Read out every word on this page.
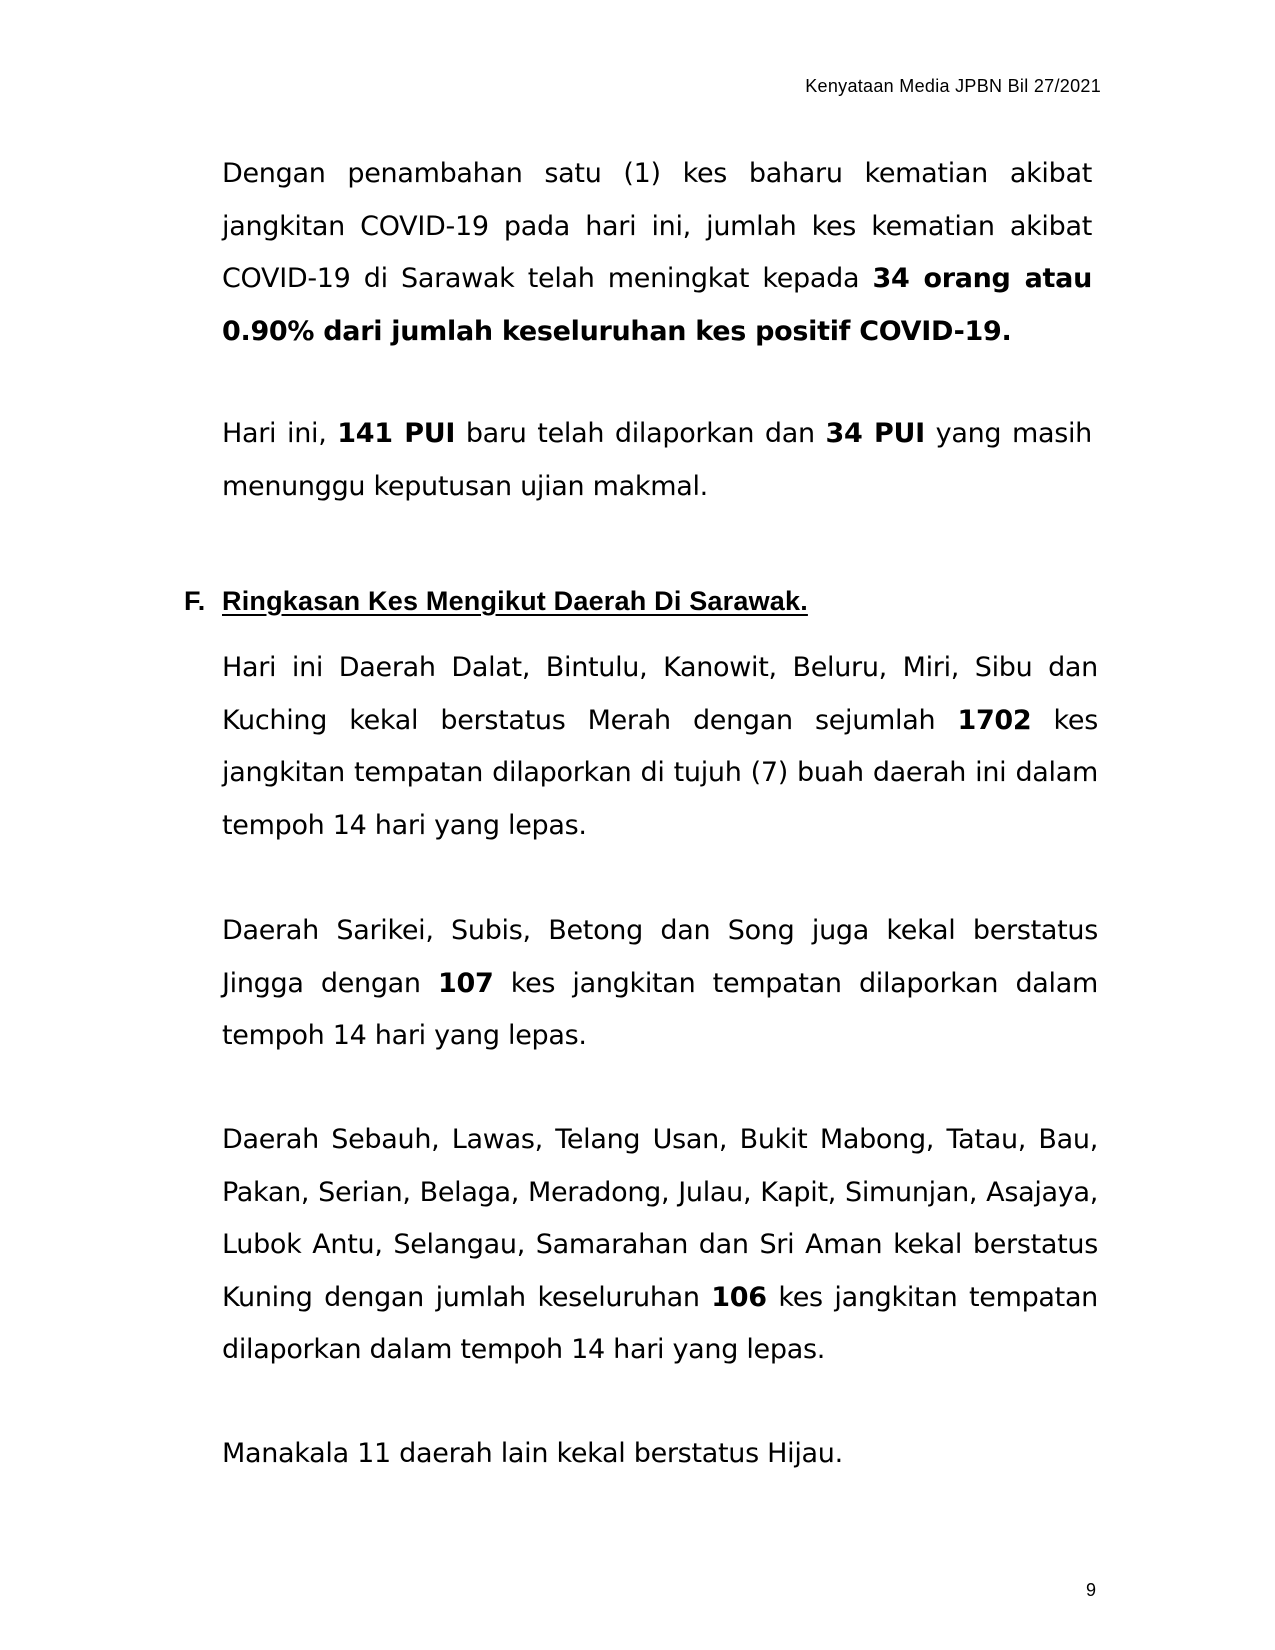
Kenyataan Media JPBN Bil 27/2021

Dengan penambahan satu (1) kes baharu kematian akibat jangkitan COVID-19 pada hari ini, jumlah kes kematian akibat COVID-19 di Sarawak telah meningkat kepada 34 orang atau 0.90% dari jumlah keseluruhan kes positif COVID-19.

Hari ini, 141 PUI baru telah dilaporkan dan 34 PUI yang masih menunggu keputusan ujian makmal.

F. Ringkasan Kes Mengikut Daerah Di Sarawak.

Hari ini Daerah Dalat, Bintulu, Kanowit, Beluru, Miri, Sibu dan Kuching kekal berstatus Merah dengan sejumlah 1702 kes jangkitan tempatan dilaporkan di tujuh (7) buah daerah ini dalam tempoh 14 hari yang lepas.

Daerah Sarikei, Subis, Betong dan Song juga kekal berstatus Jingga dengan 107 kes jangkitan tempatan dilaporkan dalam tempoh 14 hari yang lepas.

Daerah Sebauh, Lawas, Telang Usan, Bukit Mabong, Tatau, Bau, Pakan, Serian, Belaga, Meradong, Julau, Kapit, Simunjan, Asajaya, Lubok Antu, Selangau, Samarahan dan Sri Aman kekal berstatus Kuning dengan jumlah keseluruhan 106 kes jangkitan tempatan dilaporkan dalam tempoh 14 hari yang lepas.

Manakala 11 daerah lain kekal berstatus Hijau.

9
